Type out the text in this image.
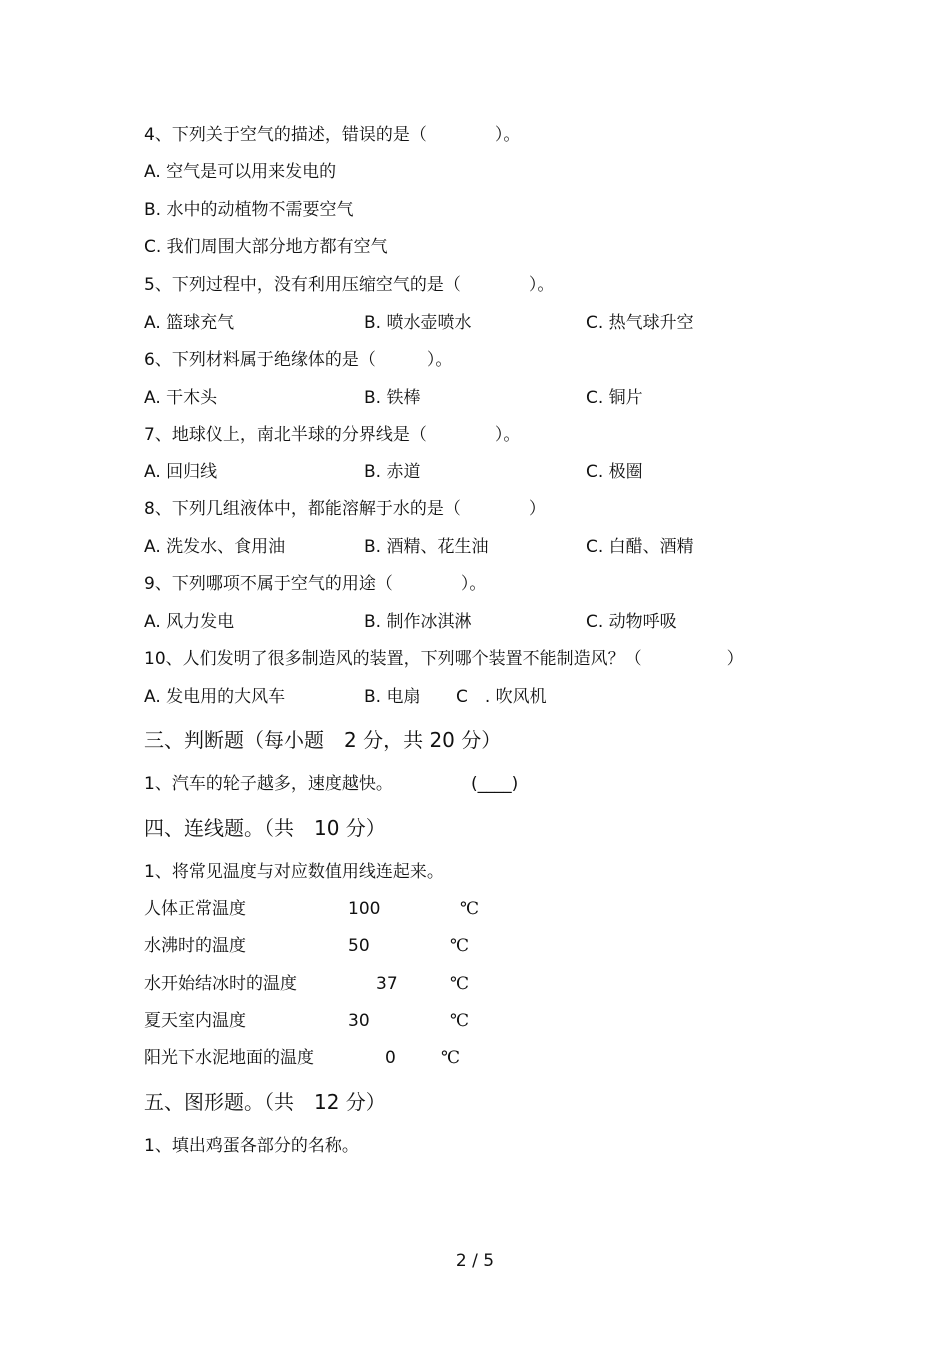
4、下列关于空气的描述，错误的是（　　　　）。
A. 空气是可以用来发电的
B. 水中的动植物不需要空气
C. 我们周围大部分地方都有空气
5、下列过程中，没有利用压缩空气的是（　　　　）。
A. 篮球充气	B. 喷水壶喷水	C. 热气球升空
6、下列材料属于绝缘体的是（　　　）。
A. 干木头	B. 铁棒	C. 铜片
7、地球仪上，南北半球的分界线是（　　　　）。
A. 回归线	B. 赤道	C. 极圈
8、下列几组液体中，都能溶解于水的是（　　　　）
A. 洗发水、食用油	B. 酒精、花生油	C. 白醋、酒精
9、下列哪项不属于空气的用途（　　　　）。
A. 风力发电	B. 制作冰淇淋	C. 动物呼吸
10、人们发明了很多制造风的装置，下列哪个装置不能制造风？（　　　　　）
A. 发电用的大风车	B. 电扇 C　. 吹风机
三、判断题（每小题　2 分，共 20 分）
1、汽车的轮子越多，速度越快。	(____)
四、连线题。（共　10 分）
1、将常见温度与对应数值用线连起来。
人体正常温度	100	℃
水沸时的温度	50	℃
水开始结冰时的温度	37	℃
夏天室内温度	30	℃
阳光下水泥地面的温度	0	℃
五、图形题。（共　12 分）
1、填出鸡蛋各部分的名称。
2 / 5
